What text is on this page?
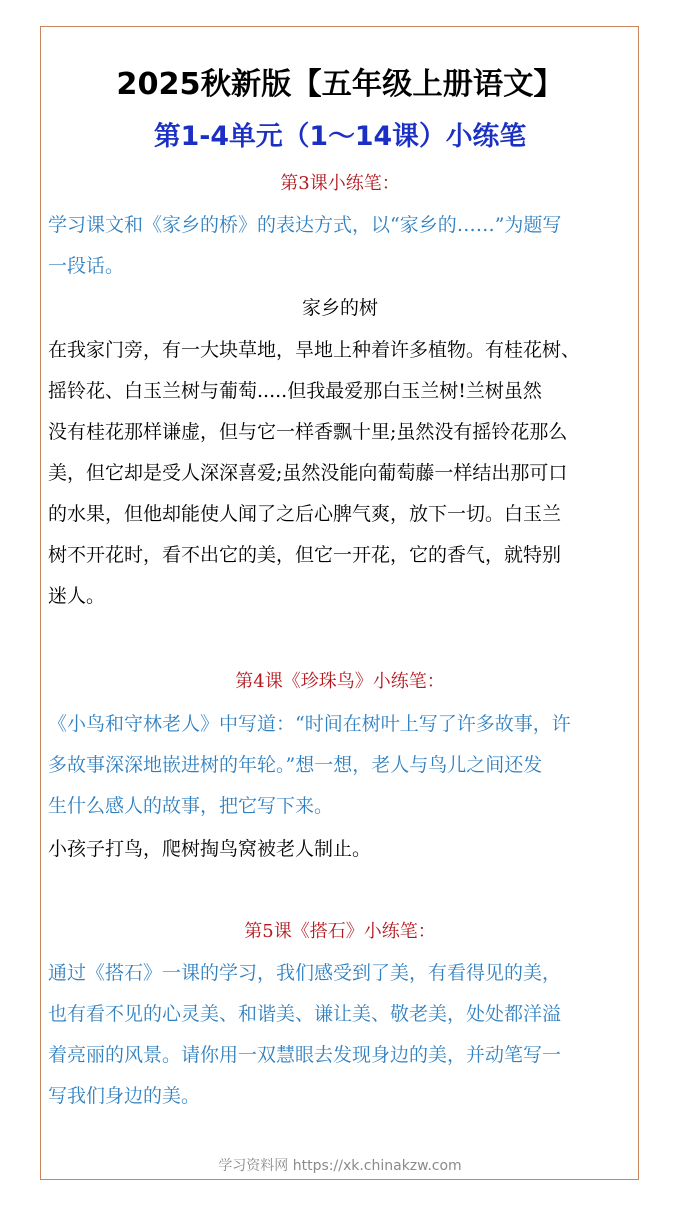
2025秋新版【五年级上册语文】
第1-4单元（1～14课）小练笔
第3课小练笔：
学习课文和《家乡的桥》的表达方式，以“家乡的……”为题写
一段话。
家乡的树
在我家门旁，有一大块草地，旱地上种着许多植物。有桂花树、
摇铃花、白玉兰树与葡萄.....但我最爱那白玉兰树!兰树虽然
没有桂花那样谦虚，但与它一样香飘十里;虽然没有摇铃花那么
美，但它却是受人深深喜爱;虽然没能向葡萄藤一样结出那可口
的水果，但他却能使人闻了之后心脾气爽，放下一切。白玉兰
树不开花时，看不出它的美，但它一开花，它的香气，就特别
迷人。
第4课《珍珠鸟》小练笔：
《小鸟和守林老人》中写道：“时间在树叶上写了许多故事，许
多故事深深地嵌进树的年轮。”想一想，老人与鸟儿之间还发
生什么感人的故事，把它写下来。
小孩子打鸟，爬树掏鸟窝被老人制止。
第5课《搭石》小练笔：
通过《搭石》一课的学习，我们感受到了美，有看得见的美，
也有看不见的心灵美、和谐美、谦让美、敬老美，处处都洋溢
着亮丽的风景。请你用一双慧眼去发现身边的美，并动笔写一
写我们身边的美。
学习资料网 https://xk.chinakzw.com
